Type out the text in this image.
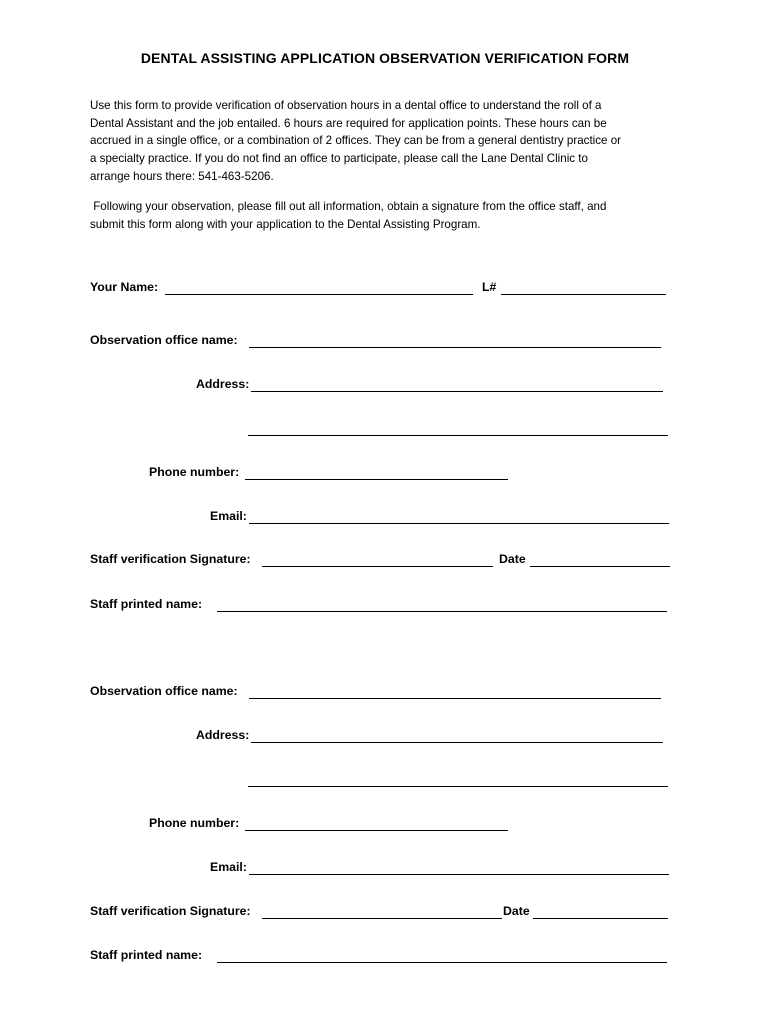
DENTAL ASSISTING APPLICATION OBSERVATION VERIFICATION FORM
Use this form to provide verification of observation hours in a dental office to understand the roll of a
Dental Assistant and the job entailed. 6 hours are required for application points. These hours can be
accrued in a single office, or a combination of 2 offices. They can be from a general dentistry practice or
a specialty practice. If you do not find an office to participate, please call the Lane Dental Clinic to
arrange hours there: 541-463-5206.
Following your observation, please fill out all information, obtain a signature from the office staff, and
submit this form along with your application to the Dental Assisting Program.
Your Name:	L#
Observation office name:
Address:
Phone number:
Email:
Staff verification Signature:	Date
Staff printed name:
Observation office name:
Address:
Phone number:
Email:
Staff verification Signature:	Date
Staff printed name:
